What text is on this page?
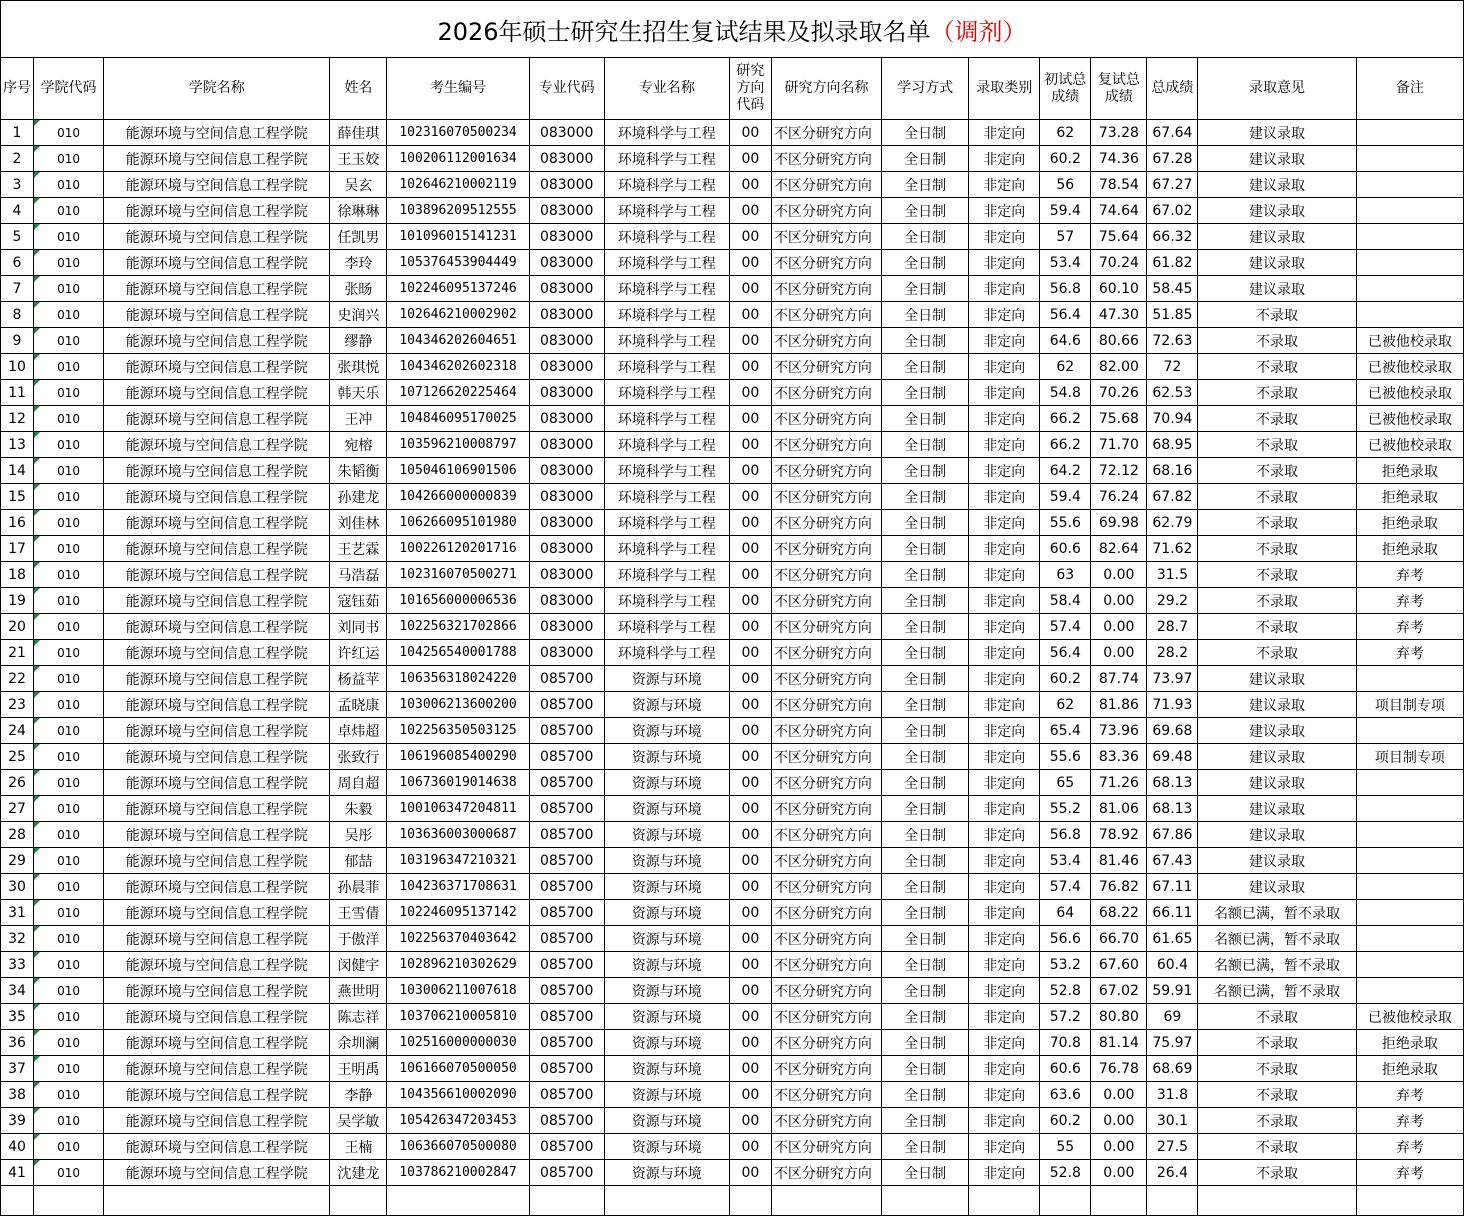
2026年硕士研究生招生复试结果及拟录取名单（调剂）															
序号	学院代码	学院名称	姓名	考生编号	专业代码	专业名称	研究方向代码	研究方向名称	学习方式	录取类别	初试总成绩	复试总成绩	总成绩	录取意见	备注
1	010	能源环境与空间信息工程学院	薛佳琪	102316070500234	083000	环境科学与工程	00	不区分研究方向	全日制	非定向	62	73.28	67.64	建议录取	
2	010	能源环境与空间信息工程学院	王玉姣	100206112001634	083000	环境科学与工程	00	不区分研究方向	全日制	非定向	60.2	74.36	67.28	建议录取	
3	010	能源环境与空间信息工程学院	吴玄	102646210002119	083000	环境科学与工程	00	不区分研究方向	全日制	非定向	56	78.54	67.27	建议录取	
4	010	能源环境与空间信息工程学院	徐琳琳	103896209512555	083000	环境科学与工程	00	不区分研究方向	全日制	非定向	59.4	74.64	67.02	建议录取	
5	010	能源环境与空间信息工程学院	任凯男	101096015141231	083000	环境科学与工程	00	不区分研究方向	全日制	非定向	57	75.64	66.32	建议录取	
6	010	能源环境与空间信息工程学院	李玲	105376453904449	083000	环境科学与工程	00	不区分研究方向	全日制	非定向	53.4	70.24	61.82	建议录取	
7	010	能源环境与空间信息工程学院	张旸	102246095137246	083000	环境科学与工程	00	不区分研究方向	全日制	非定向	56.8	60.10	58.45	建议录取	
8	010	能源环境与空间信息工程学院	史润兴	102646210002902	083000	环境科学与工程	00	不区分研究方向	全日制	非定向	56.4	47.30	51.85	不录取	
9	010	能源环境与空间信息工程学院	缪静	104346202604651	083000	环境科学与工程	00	不区分研究方向	全日制	非定向	64.6	80.66	72.63	不录取	已被他校录取
10	010	能源环境与空间信息工程学院	张琪悦	104346202602318	083000	环境科学与工程	00	不区分研究方向	全日制	非定向	62	82.00	72	不录取	已被他校录取
11	010	能源环境与空间信息工程学院	韩天乐	107126620225464	083000	环境科学与工程	00	不区分研究方向	全日制	非定向	54.8	70.26	62.53	不录取	已被他校录取
12	010	能源环境与空间信息工程学院	王冲	104846095170025	083000	环境科学与工程	00	不区分研究方向	全日制	非定向	66.2	75.68	70.94	不录取	已被他校录取
13	010	能源环境与空间信息工程学院	宛榕	103596210008797	083000	环境科学与工程	00	不区分研究方向	全日制	非定向	66.2	71.70	68.95	不录取	已被他校录取
14	010	能源环境与空间信息工程学院	朱韬衡	105046106901506	083000	环境科学与工程	00	不区分研究方向	全日制	非定向	64.2	72.12	68.16	不录取	拒绝录取
15	010	能源环境与空间信息工程学院	孙建龙	104266000000839	083000	环境科学与工程	00	不区分研究方向	全日制	非定向	59.4	76.24	67.82	不录取	拒绝录取
16	010	能源环境与空间信息工程学院	刘佳林	106266095101980	083000	环境科学与工程	00	不区分研究方向	全日制	非定向	55.6	69.98	62.79	不录取	拒绝录取
17	010	能源环境与空间信息工程学院	王艺霖	100226120201716	083000	环境科学与工程	00	不区分研究方向	全日制	非定向	60.6	82.64	71.62	不录取	拒绝录取
18	010	能源环境与空间信息工程学院	马浩磊	102316070500271	083000	环境科学与工程	00	不区分研究方向	全日制	非定向	63	0.00	31.5	不录取	弃考
19	010	能源环境与空间信息工程学院	寇钰茹	101656000006536	083000	环境科学与工程	00	不区分研究方向	全日制	非定向	58.4	0.00	29.2	不录取	弃考
20	010	能源环境与空间信息工程学院	刘同书	102256321702866	083000	环境科学与工程	00	不区分研究方向	全日制	非定向	57.4	0.00	28.7	不录取	弃考
21	010	能源环境与空间信息工程学院	许红运	104256540001788	083000	环境科学与工程	00	不区分研究方向	全日制	非定向	56.4	0.00	28.2	不录取	弃考
22	010	能源环境与空间信息工程学院	杨益苹	106356318024220	085700	资源与环境	00	不区分研究方向	全日制	非定向	60.2	87.74	73.97	建议录取	
23	010	能源环境与空间信息工程学院	孟晓康	103006213600200	085700	资源与环境	00	不区分研究方向	全日制	非定向	62	81.86	71.93	建议录取	项目制专项
24	010	能源环境与空间信息工程学院	卓炜超	102256350503125	085700	资源与环境	00	不区分研究方向	全日制	非定向	65.4	73.96	69.68	建议录取	
25	010	能源环境与空间信息工程学院	张致行	106196085400290	085700	资源与环境	00	不区分研究方向	全日制	非定向	55.6	83.36	69.48	建议录取	项目制专项
26	010	能源环境与空间信息工程学院	周自超	106736019014638	085700	资源与环境	00	不区分研究方向	全日制	非定向	65	71.26	68.13	建议录取	
27	010	能源环境与空间信息工程学院	朱毅	100106347204811	085700	资源与环境	00	不区分研究方向	全日制	非定向	55.2	81.06	68.13	建议录取	
28	010	能源环境与空间信息工程学院	吴彤	103636003000687	085700	资源与环境	00	不区分研究方向	全日制	非定向	56.8	78.92	67.86	建议录取	
29	010	能源环境与空间信息工程学院	郁喆	103196347210321	085700	资源与环境	00	不区分研究方向	全日制	非定向	53.4	81.46	67.43	建议录取	
30	010	能源环境与空间信息工程学院	孙晨菲	104236371708631	085700	资源与环境	00	不区分研究方向	全日制	非定向	57.4	76.82	67.11	建议录取	
31	010	能源环境与空间信息工程学院	王雪倩	102246095137142	085700	资源与环境	00	不区分研究方向	全日制	非定向	64	68.22	66.11	名额已满，暂不录取	
32	010	能源环境与空间信息工程学院	于傲洋	102256370403642	085700	资源与环境	00	不区分研究方向	全日制	非定向	56.6	66.70	61.65	名额已满，暂不录取	
33	010	能源环境与空间信息工程学院	闵健宇	102896210302629	085700	资源与环境	00	不区分研究方向	全日制	非定向	53.2	67.60	60.4	名额已满，暂不录取	
34	010	能源环境与空间信息工程学院	燕世明	103006211007618	085700	资源与环境	00	不区分研究方向	全日制	非定向	52.8	67.02	59.91	名额已满，暂不录取	
35	010	能源环境与空间信息工程学院	陈志祥	103706210005810	085700	资源与环境	00	不区分研究方向	全日制	非定向	57.2	80.80	69	不录取	已被他校录取
36	010	能源环境与空间信息工程学院	余圳澜	102516000000030	085700	资源与环境	00	不区分研究方向	全日制	非定向	70.8	81.14	75.97	不录取	拒绝录取
37	010	能源环境与空间信息工程学院	王明禹	106166070500050	085700	资源与环境	00	不区分研究方向	全日制	非定向	60.6	76.78	68.69	不录取	拒绝录取
38	010	能源环境与空间信息工程学院	李静	104356610002090	085700	资源与环境	00	不区分研究方向	全日制	非定向	63.6	0.00	31.8	不录取	弃考
39	010	能源环境与空间信息工程学院	吴学敏	105426347203453	085700	资源与环境	00	不区分研究方向	全日制	非定向	60.2	0.00	30.1	不录取	弃考
40	010	能源环境与空间信息工程学院	王楠	106366070500080	085700	资源与环境	00	不区分研究方向	全日制	非定向	55	0.00	27.5	不录取	弃考
41	010	能源环境与空间信息工程学院	沈建龙	103786210002847	085700	资源与环境	00	不区分研究方向	全日制	非定向	52.8	0.00	26.4	不录取	弃考
